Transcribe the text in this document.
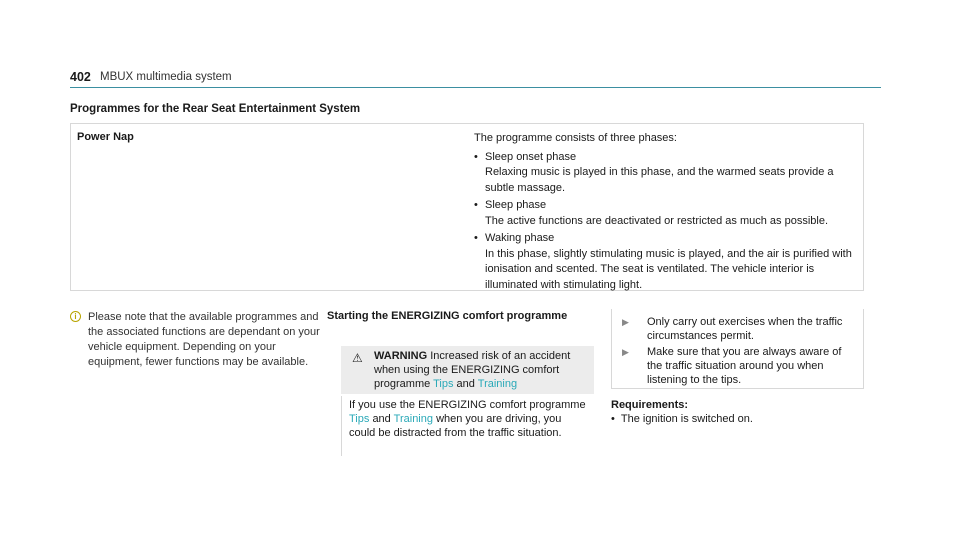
402 MBUX multimedia system
Programmes for the Rear Seat Entertainment System
Power Nap	The programme consists of three phases:
• Sleep onset phase
Relaxing music is played in this phase, and the warmed seats provide a subtle massage.
• Sleep phase
The active functions are deactivated or restricted as much as possible.
• Waking phase
In this phase, slightly stimulating music is played, and the air is purified with ionisation and scented. The seat is ventilated. The vehicle interior is illuminated with stimulating light.
i	Please note that the available programmes and the associated functions are dependant on your vehicle equipment. Depending on your equipment, fewer functions may be available.
Starting the ENERGIZING comfort programme
⚠ WARNING Increased risk of an accident when using the ENERGIZING comfort programme Tips and Training
If you use the ENERGIZING comfort programme Tips and Training when you are driving, you could be distracted from the traffic situation.
▶	Only carry out exercises when the traffic circumstances permit.
▶	Make sure that you are always aware of the traffic situation around you when listening to the tips.
Requirements:
• The ignition is switched on.
